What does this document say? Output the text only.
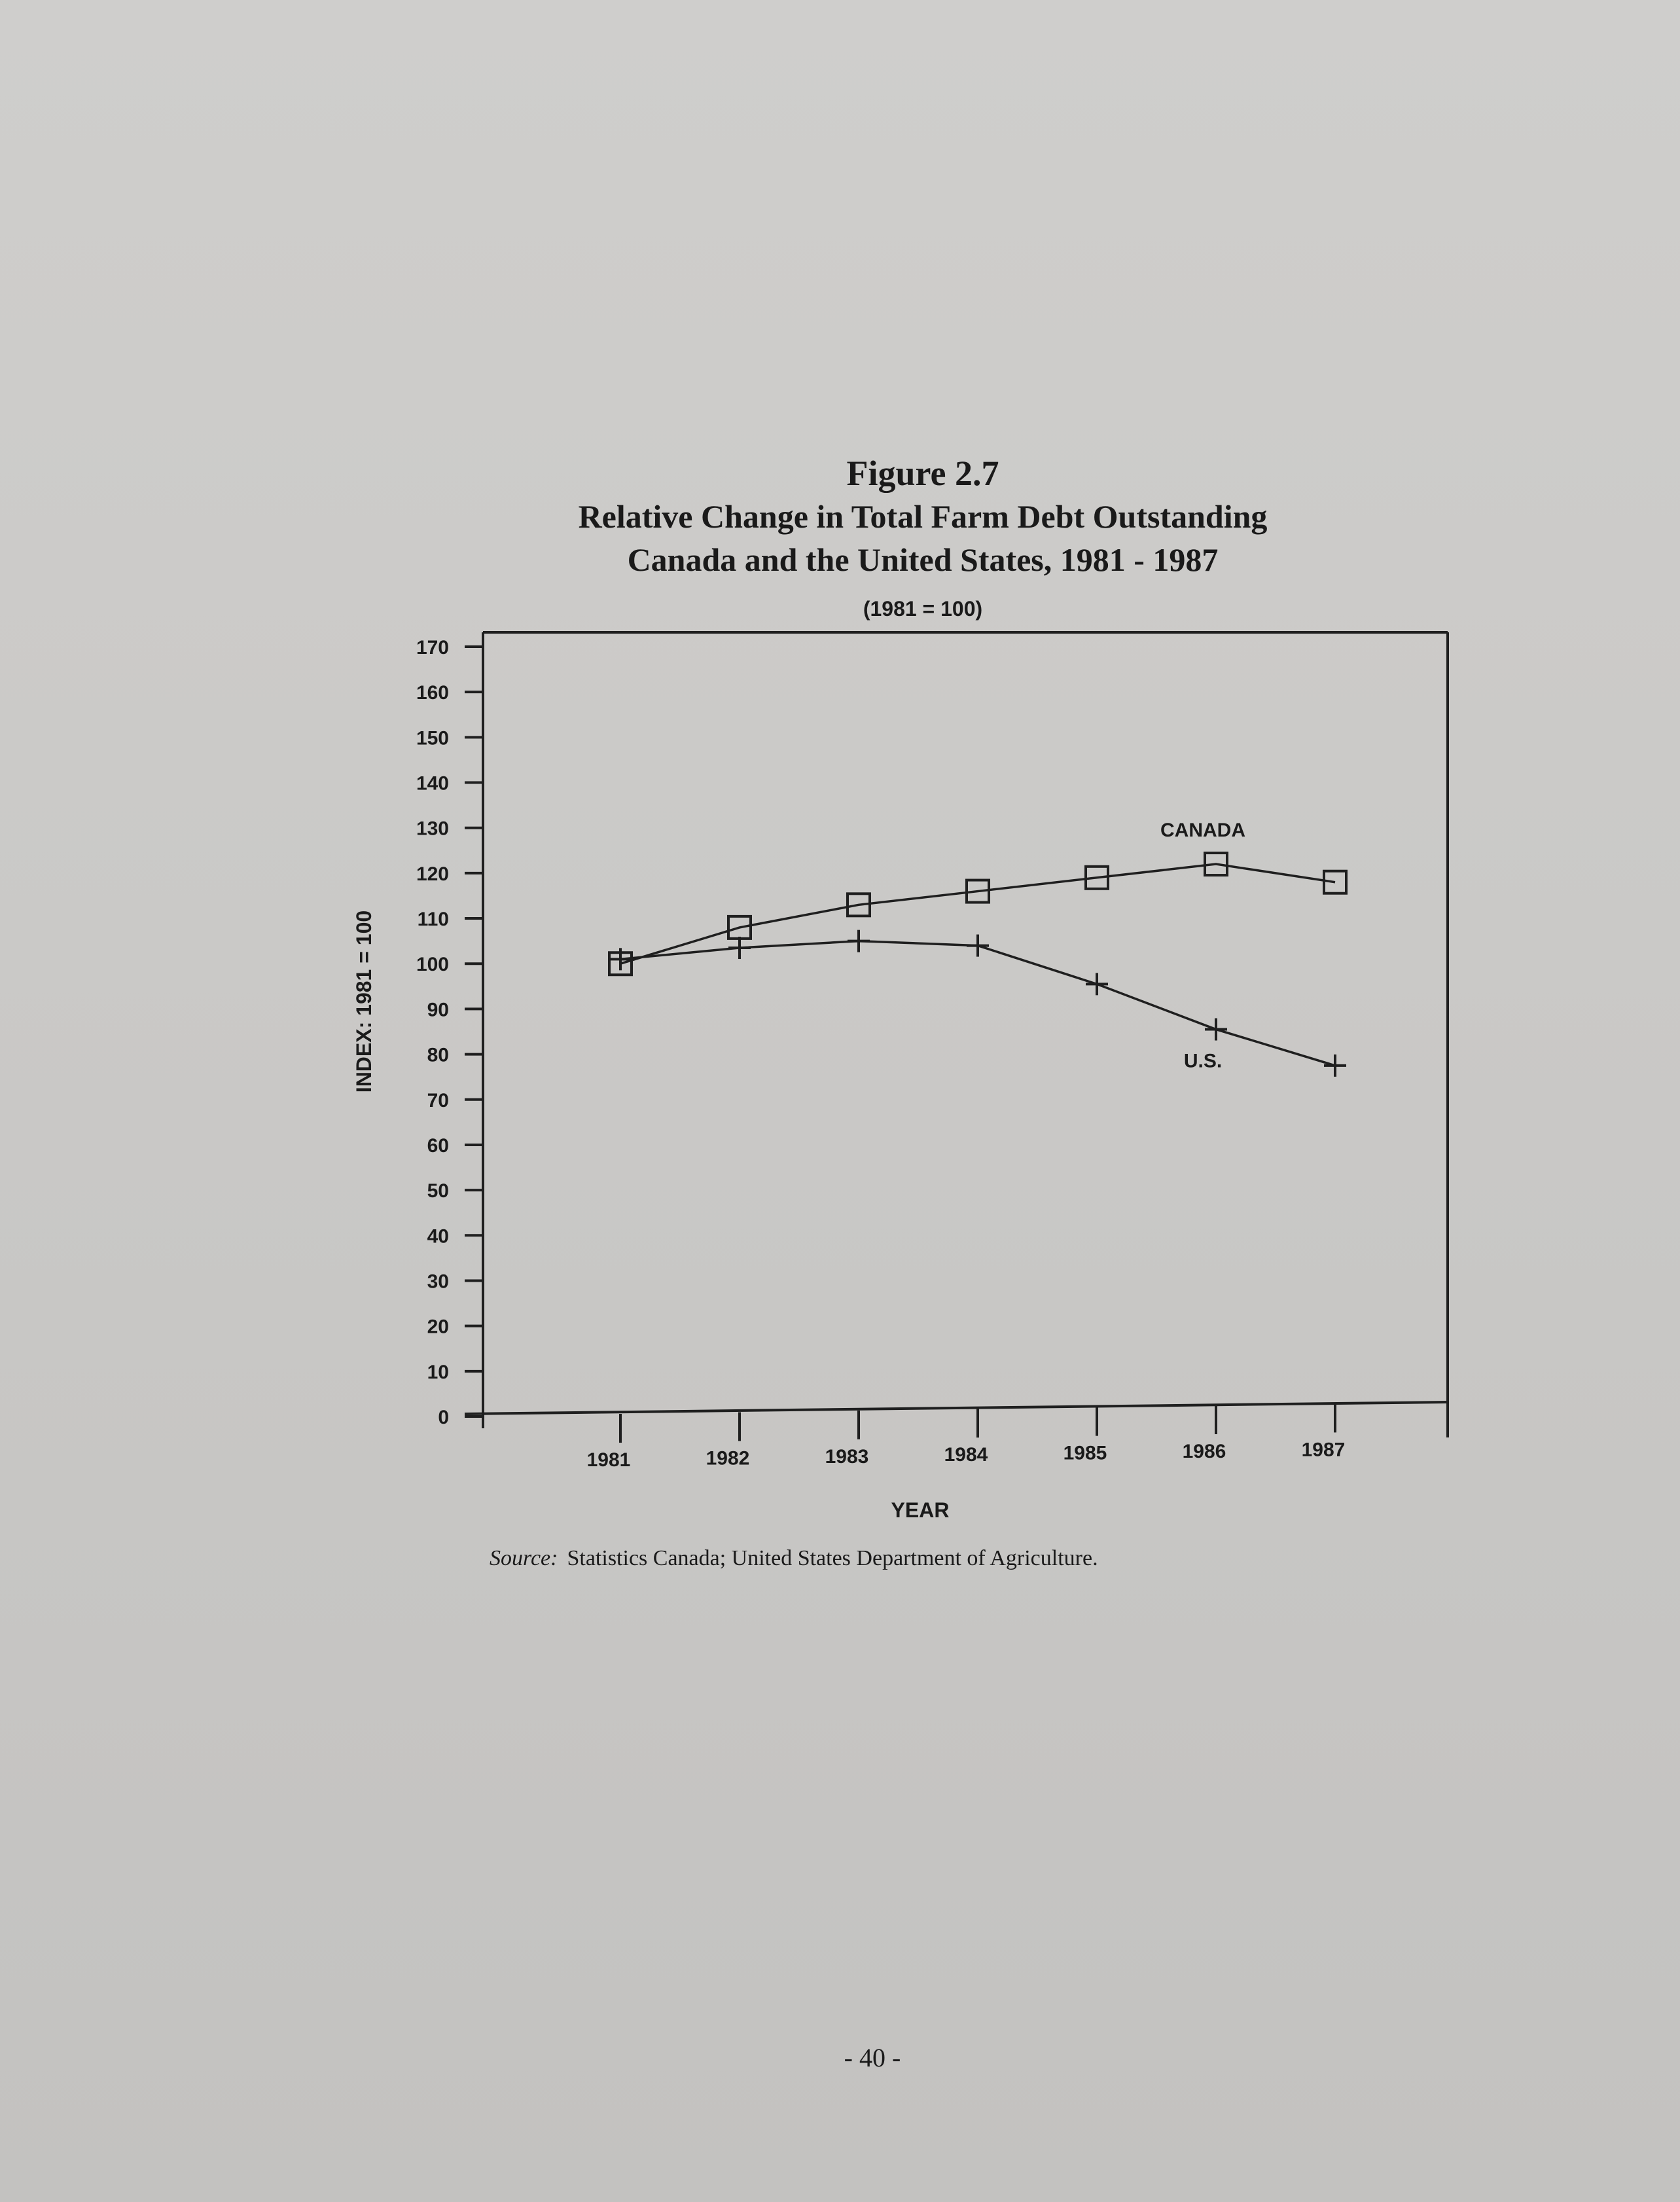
Figure 2.7
Relative Change in Total Farm Debt Outstanding
Canada and the United States, 1981 - 1987
(1981 = 100)
0
10
20
30
40
50
60
70
80
90
100
110
120
130
140
150
160
170
INDEX: 1981 = 100
1981	1982	1983	1984	1985	1986	1987
YEAR
CANADA
U.S.
Source: Statistics Canada; United States Department of Agriculture.
- 40 -
